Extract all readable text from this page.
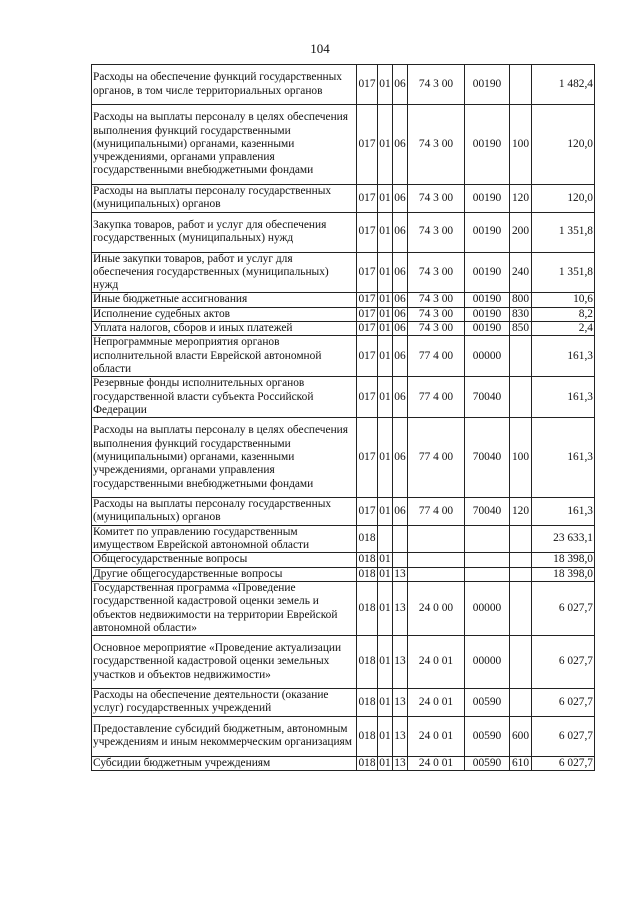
104
Расходы на обеспечение функций государственных органов, в том числе территориальных органов	017	01	06	74 3 00	00190		1 482,4
Расходы на выплаты персоналу в целях обеспечения выполнения функций государственными (муниципальными) органами, казенными учреждениями, органами управления государственными внебюджетными фондами	017	01	06	74 3 00	00190	100	120,0
Расходы на выплаты персоналу государственных (муниципальных) органов	017	01	06	74 3 00	00190	120	120,0
Закупка товаров, работ и услуг для обеспечения государственных (муниципальных) нужд	017	01	06	74 3 00	00190	200	1 351,8
Иные закупки товаров, работ и услуг для обеспечения государственных (муниципальных) нужд	017	01	06	74 3 00	00190	240	1 351,8
Иные бюджетные ассигнования	017	01	06	74 3 00	00190	800	10,6
Исполнение судебных актов	017	01	06	74 3 00	00190	830	8,2
Уплата налогов, сборов и иных платежей	017	01	06	74 3 00	00190	850	2,4
Непрограммные мероприятия органов исполнительной власти Еврейской автономной области	017	01	06	77 4 00	00000		161,3
Резервные фонды исполнительных органов государственной власти субъекта Российской Федерации	017	01	06	77 4 00	70040		161,3
Расходы на выплаты персоналу в целях обеспечения выполнения функций государственными (муниципальными) органами, казенными учреждениями, органами управления государственными внебюджетными фондами	017	01	06	77 4 00	70040	100	161,3
Расходы на выплаты персоналу государственных (муниципальных) органов	017	01	06	77 4 00	70040	120	161,3
Комитет по управлению государственным имуществом Еврейской автономной области	018						23 633,1
Общегосударственные вопросы	018	01					18 398,0
Другие общегосударственные вопросы	018	01	13				18 398,0
Государственная программа «Проведение государственной кадастровой оценки земель и объектов недвижимости на территории Еврейской автономной области»	018	01	13	24 0 00	00000		6 027,7
Основное мероприятие «Проведение актуализации государственной кадастровой оценки земельных участков и объектов недвижимости»	018	01	13	24 0 01	00000		6 027,7
Расходы на обеспечение деятельности (оказание услуг) государственных учреждений	018	01	13	24 0 01	00590		6 027,7
Предоставление субсидий бюджетным, автономным учреждениям и иным некоммерческим организациям	018	01	13	24 0 01	00590	600	6 027,7
Субсидии бюджетным учреждениям	018	01	13	24 0 01	00590	610	6 027,7
